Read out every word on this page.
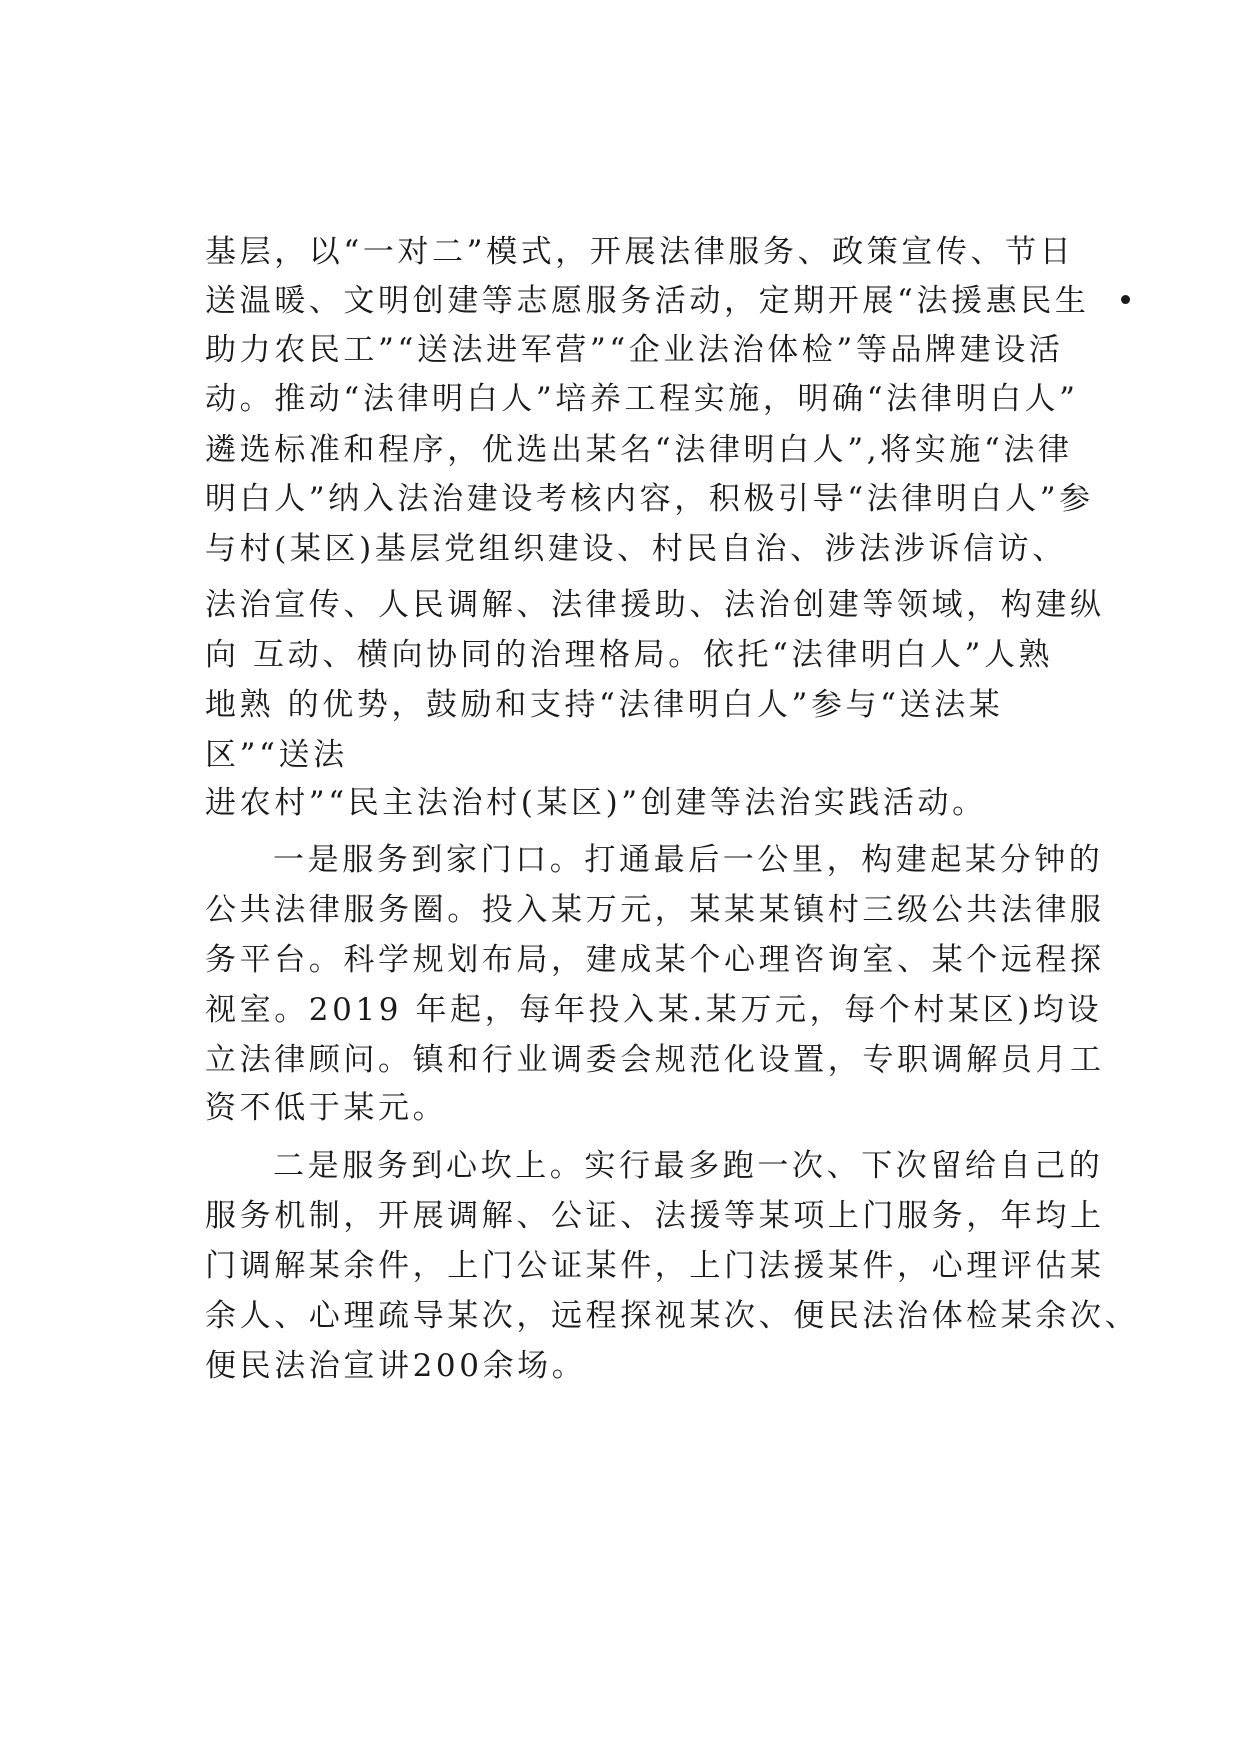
基层，以“一对二”模式，开展法律服务、政策宣传、节日
送温暖、文明创建等志愿服务活动，定期开展“法援惠民生  •
助力农民工”“送法进军营”“企业法治体检”等品牌建设活
动。推动“法律明白人”培养工程实施，明确“法律明白人”
遴选标准和程序，优选出某名“法律明白人”,将实施“法律
明白人”纳入法治建设考核内容，积极引导“法律明白人”参
与村(某区)基层党组织建设、村民自治、涉法涉诉信访、
法治宣传、人民调解、法律援助、法治创建等领域，构建纵
向 互动、横向协同的治理格局。依托“法律明白人”人熟
地熟 的优势，鼓励和支持“法律明白人”参与“送法某
区”“送法
进农村”“民主法治村(某区)”创建等法治实践活动。
一是服务到家门口。打通最后一公里，构建起某分钟的
公共法律服务圈。投入某万元，某某某镇村三级公共法律服
务平台。科学规划布局，建成某个心理咨询室、某个远程探
视室。2019 年起，每年投入某.某万元，每个村某区)均设
立法律顾问。镇和行业调委会规范化设置，专职调解员月工
资不低于某元。
二是服务到心坎上。实行最多跑一次、下次留给自己的
服务机制，开展调解、公证、法援等某项上门服务，年均上
门调解某余件，上门公证某件，上门法援某件，心理评估某
余人、心理疏导某次，远程探视某次、便民法治体检某余次、
便民法治宣讲200余场。
